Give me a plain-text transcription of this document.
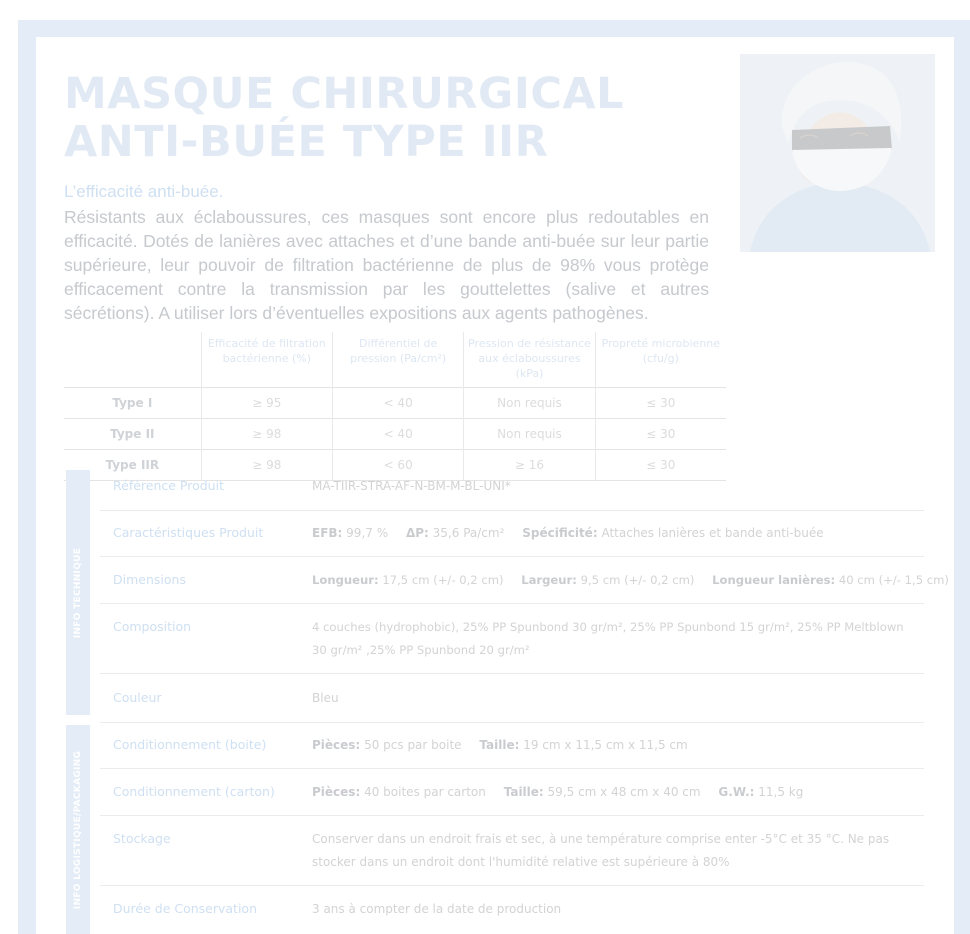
MASQUE CHIRURGICAL
ANTI-BUÉE TYPE IIR

L’efficacité anti-buée.

Résistants aux éclaboussures, ces masques sont encore plus redoutables en efficacité. Dotés de lanières avec attaches et d’une bande anti-buée sur leur partie supérieure, leur pouvoir de filtration bactérienne de plus de 98% vous protège efficacement contre la transmission par les gouttelettes (salive et autres sécrétions). A utiliser lors d’éventuelles expositions aux agents pathogènes.

	Efficacité de filtration bactérienne (%)	Différentiel de pression (Pa/cm²)	Pression de résistance aux éclaboussures (kPa)	Propreté microbienne (cfu/g)
Type I	≥ 95	< 40	Non requis	≤ 30
Type II	≥ 98	< 40	Non requis	≤ 30
Type IIR	≥ 98	< 60	≥ 16	≤ 30
INFO TECHNIQUE
INFO LOGISTIQUE/PACKAGING
Référence Produit	MA-TIIR-STRA-AF-N-BM-M-BL-UNI*
Caractéristiques Produit	EFB: 99,7 % ΔP: 35,6 Pa/cm² Spécificité: Attaches lanières et bande anti-buée
Dimensions	Longueur: 17,5 cm (+/- 0,2 cm) Largeur: 9,5 cm (+/- 0,2 cm) Longueur lanières: 40 cm (+/- 1,5 cm)
Composition	4 couches (hydrophobic), 25% PP Spunbond 30 gr/m², 25% PP Spunbond 15 gr/m², 25% PP Meltblown
30 gr/m² ,25% PP Spunbond 20 gr/m²
Couleur	Bleu
Conditionnement (boite)	Pièces: 50 pcs par boite Taille: 19 cm x 11,5 cm x 11,5 cm
Conditionnement (carton)	Pièces: 40 boites par carton Taille: 59,5 cm x 48 cm x 40 cm G.W.: 11,5 kg
Stockage	Conserver dans un endroit frais et sec, à une température comprise enter -5°C et 35 °C. Ne pas
stocker dans un endroit dont l'humidité relative est supérieure à 80%
Durée de Conservation	3 ans à compter de la date de production
